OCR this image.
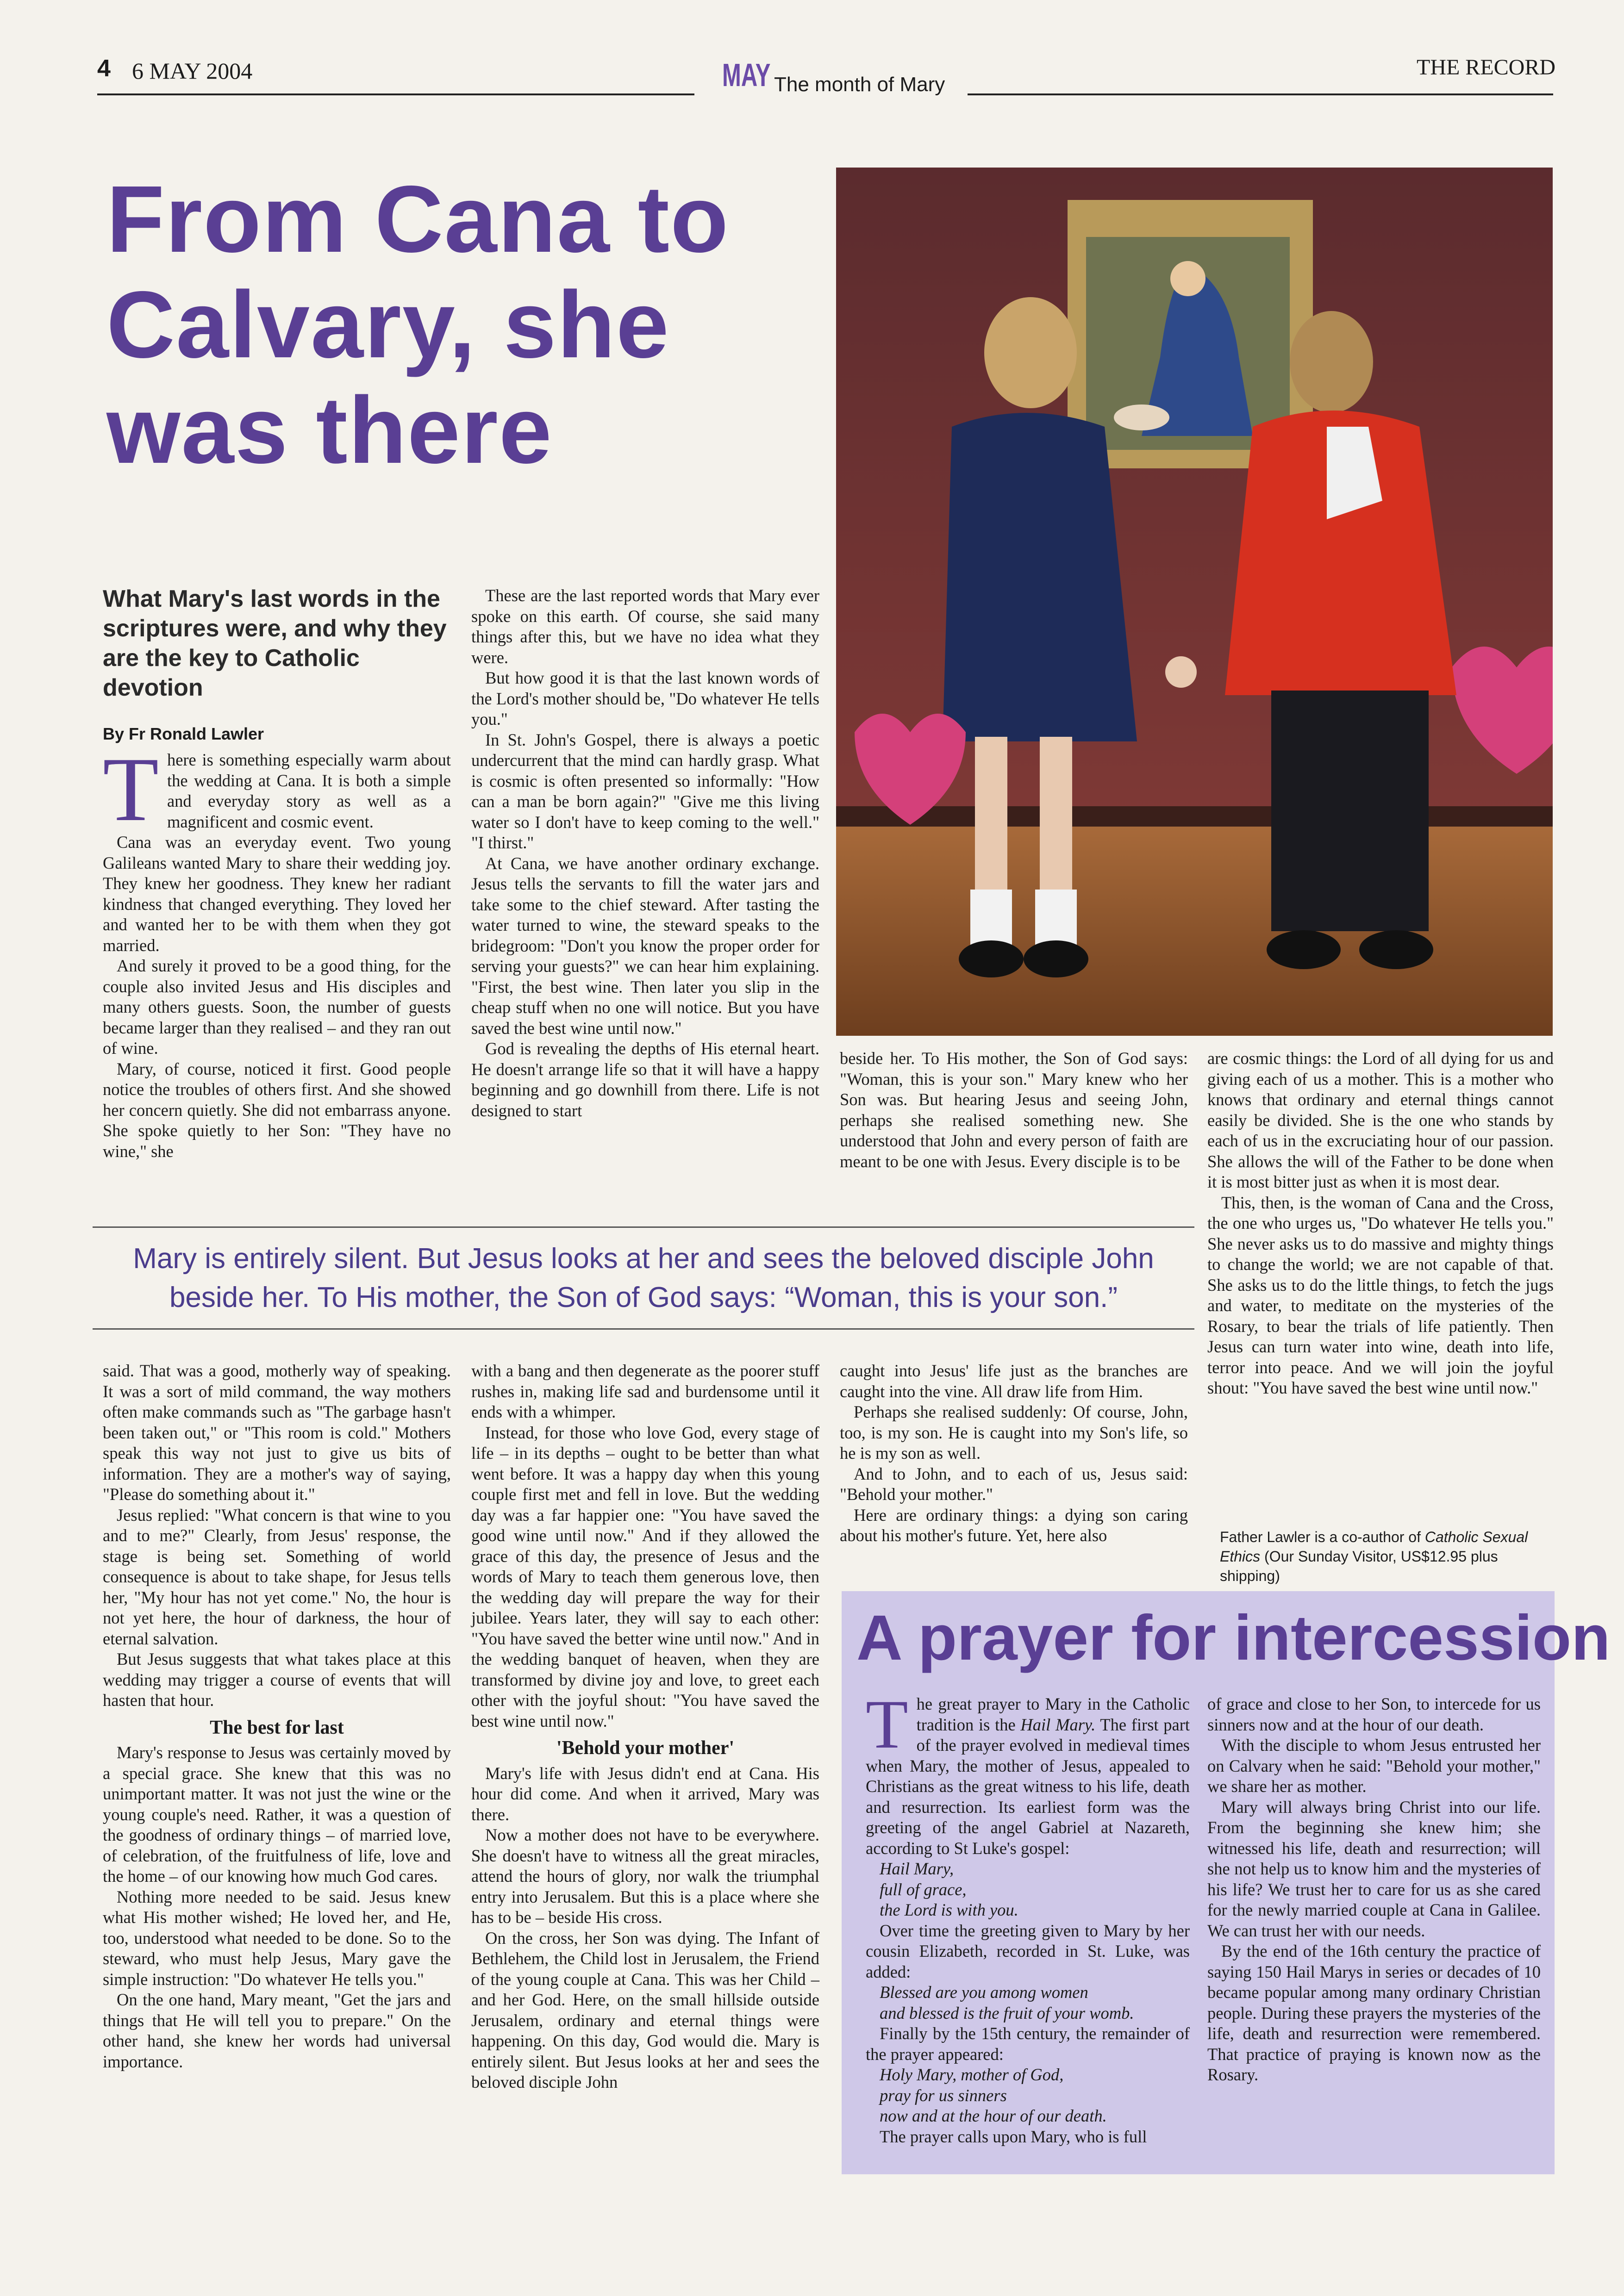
4 6 MAY 2004	MAY The month of Mary
THE RECORD
From Cana to Calvary, she was there
What Mary's last words in the scriptures were, and why they are the key to Catholic devotion
By Fr Ronald Lawler
T here is something especially warm about the wedding at Cana. It is both a simple and everyday story as well as a magnificent and cosmic event.

Cana was an everyday event. Two young Galileans wanted Mary to share their wedding joy. They knew her goodness. They knew her radiant kindness that changed everything. They loved her and wanted her to be with them when they got married.

And surely it proved to be a good thing, for the couple also invited Jesus and His disciples and many others guests. Soon, the number of guests became larger than they realised – and they ran out of wine.

Mary, of course, noticed it first. Good people notice the troubles of others first. And she showed her concern quietly. She did not embarrass anyone. She spoke quietly to her Son: "They have no wine," she

These are the last reported words that Mary ever spoke on this earth. Of course, she said many things after this, but we have no idea what they were.

But how good it is that the last known words of the Lord's mother should be, "Do whatever He tells you."

In St. John's Gospel, there is always a poetic undercurrent that the mind can hardly grasp. What is cosmic is often presented so informally: "How can a man be born again?" "Give me this living water so I don't have to keep coming to the well." "I thirst."

At Cana, we have another ordinary exchange. Jesus tells the servants to fill the water jars and take some to the chief steward. After tasting the water turned to wine, the steward speaks to the bridegroom: "Don't you know the proper order for serving your guests?" we can hear him explaining. "First, the best wine. Then later you slip in the cheap stuff when no one will notice. But you have saved the best wine until now."

God is revealing the depths of His eternal heart. He doesn't arrange life so that it will have a happy beginning and go downhill from there. Life is not designed to start

beside her. To His mother, the Son of God says: "Woman, this is your son." Mary knew who her Son was. But hearing Jesus and seeing John, perhaps she realised something new. She understood that John and every person of faith are meant to be one with Jesus. Every disciple is to be

are cosmic things: the Lord of all dying for us and giving each of us a mother. This is a mother who knows that ordinary and eternal things cannot easily be divided. She is the one who stands by each of us in the excruciating hour of our passion. She allows the will of the Father to be done when it is most bitter just as when it is most dear.

This, then, is the woman of Cana and the Cross, the one who urges us, "Do whatever He tells you." She never asks us to do massive and mighty things to change the world; we are not capable of that. She asks us to do the little things, to fetch the jugs and water, to meditate on the mysteries of the Rosary, to bear the trials of life patiently. Then Jesus can turn water into wine, death into life, terror into peace. And we will join the joyful shout: "You have saved the best wine until now."

Mary is entirely silent. But Jesus looks at her and sees the beloved disciple John beside her. To His mother, the Son of God says: “Woman, this is your son.”

said. That was a good, motherly way of speaking. It was a sort of mild command, the way mothers often make commands such as "The garbage hasn't been taken out," or "This room is cold." Mothers speak this way not just to give us bits of information. They are a mother's way of saying, "Please do something about it."

Jesus replied: "What concern is that wine to you and to me?" Clearly, from Jesus' response, the stage is being set. Something of world consequence is about to take shape, for Jesus tells her, "My hour has not yet come." No, the hour is not yet here, the hour of darkness, the hour of eternal salvation.

But Jesus suggests that what takes place at this wedding may trigger a course of events that will hasten that hour.

The best for last

Mary's response to Jesus was certainly moved by a special grace. She knew that this was no unimportant matter. It was not just the wine or the young couple's need. Rather, it was a question of the goodness of ordinary things – of married love, of celebration, of the fruitfulness of life, love and the home – of our knowing how much God cares.

Nothing more needed to be said. Jesus knew what His mother wished; He loved her, and He, too, understood what needed to be done. So to the steward, who must help Jesus, Mary gave the simple instruction: "Do whatever He tells you."

On the one hand, Mary meant, "Get the jars and things that He will tell you to prepare." On the other hand, she knew her words had universal importance.

with a bang and then degenerate as the poorer stuff rushes in, making life sad and burdensome until it ends with a whimper.

Instead, for those who love God, every stage of life – in its depths – ought to be better than what went before. It was a happy day when this young couple first met and fell in love. But the wedding day was a far happier one: "You have saved the good wine until now." And if they allowed the grace of this day, the presence of Jesus and the words of Mary to teach them generous love, then the wedding day will prepare the way for their jubilee. Years later, they will say to each other: "You have saved the better wine until now." And in the wedding banquet of heaven, when they are transformed by divine joy and love, to greet each other with the joyful shout: "You have saved the best wine until now."

'Behold your mother'

Mary's life with Jesus didn't end at Cana. His hour did come. And when it arrived, Mary was there.

Now a mother does not have to be everywhere. She doesn't have to witness all the great miracles, attend the hours of glory, nor walk the triumphal entry into Jerusalem. But this is a place where she has to be – beside His cross.

On the cross, her Son was dying. The Infant of Bethlehem, the Child lost in Jerusalem, the Friend of the young couple at Cana. This was her Child – and her God. Here, on the small hillside outside Jerusalem, ordinary and eternal things were happening. On this day, God would die. Mary is entirely silent. But Jesus looks at her and sees the beloved disciple John

caught into Jesus' life just as the branches are caught into the vine. All draw life from Him.

Perhaps she realised suddenly: Of course, John, too, is my son. He is caught into my Son's life, so he is my son as well.

And to John, and to each of us, Jesus said: "Behold your mother."

Here are ordinary things: a dying son caring about his mother's future. Yet, here also	Father Lawler is a co-author of Catholic Sexual Ethics (Our Sunday Visitor, US$12.95 plus shipping)
A prayer for intercession
T he great prayer to Mary in the Catholic tradition is the Hail Mary. The first part of the prayer evolved in medieval times when Mary, the mother of Jesus, appealed to Christians as the great witness to his life, death and resurrection. Its earliest form was the greeting of the angel Gabriel at Nazareth, according to St Luke's gospel:

Hail Mary,

full of grace,

the Lord is with you.

Over time the greeting given to Mary by her cousin Elizabeth, recorded in St. Luke, was added:

Blessed are you among women

and blessed is the fruit of your womb.

Finally by the 15th century, the remainder of the prayer appeared:

Holy Mary, mother of God,

pray for us sinners

now and at the hour of our death.

The prayer calls upon Mary, who is full

of grace and close to her Son, to intercede for us sinners now and at the hour of our death.

With the disciple to whom Jesus entrusted her on Calvary when he said: "Behold your mother," we share her as mother.

Mary will always bring Christ into our life. From the beginning she knew him; she witnessed his life, death and resurrection; will she not help us to know him and the mysteries of his life? We trust her to care for us as she cared for the newly married couple at Cana in Galilee. We can trust her with our needs.

By the end of the 16th century the practice of saying 150 Hail Marys in series or decades of 10 became popular among many ordinary Christian people. During these prayers the mysteries of the life, death and resurrection were remembered. That practice of praying is known now as the Rosary.
